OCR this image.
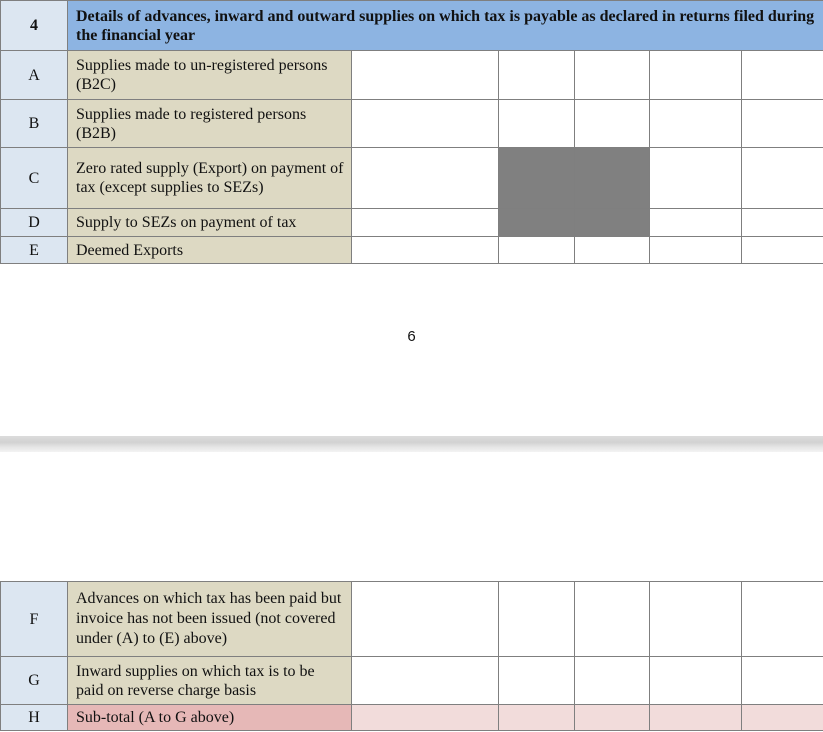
4	Details of advances, inward and outward supplies on which tax is payable as declared in returns filed during the financial year					
A	Supplies made to un-registered persons (B2C)					
B	Supplies made to registered persons (B2B)					
C	Zero rated supply (Export) on payment of tax (except supplies to SEZs)					
D	Supply to SEZs on payment of tax					
E	Deemed Exports					
6
F	Advances on which tax has been paid but invoice has not been issued (not covered under (A) to (E) above)					
G	Inward supplies on which tax is to be paid on reverse charge basis					
H	Sub-total (A to G above)					
